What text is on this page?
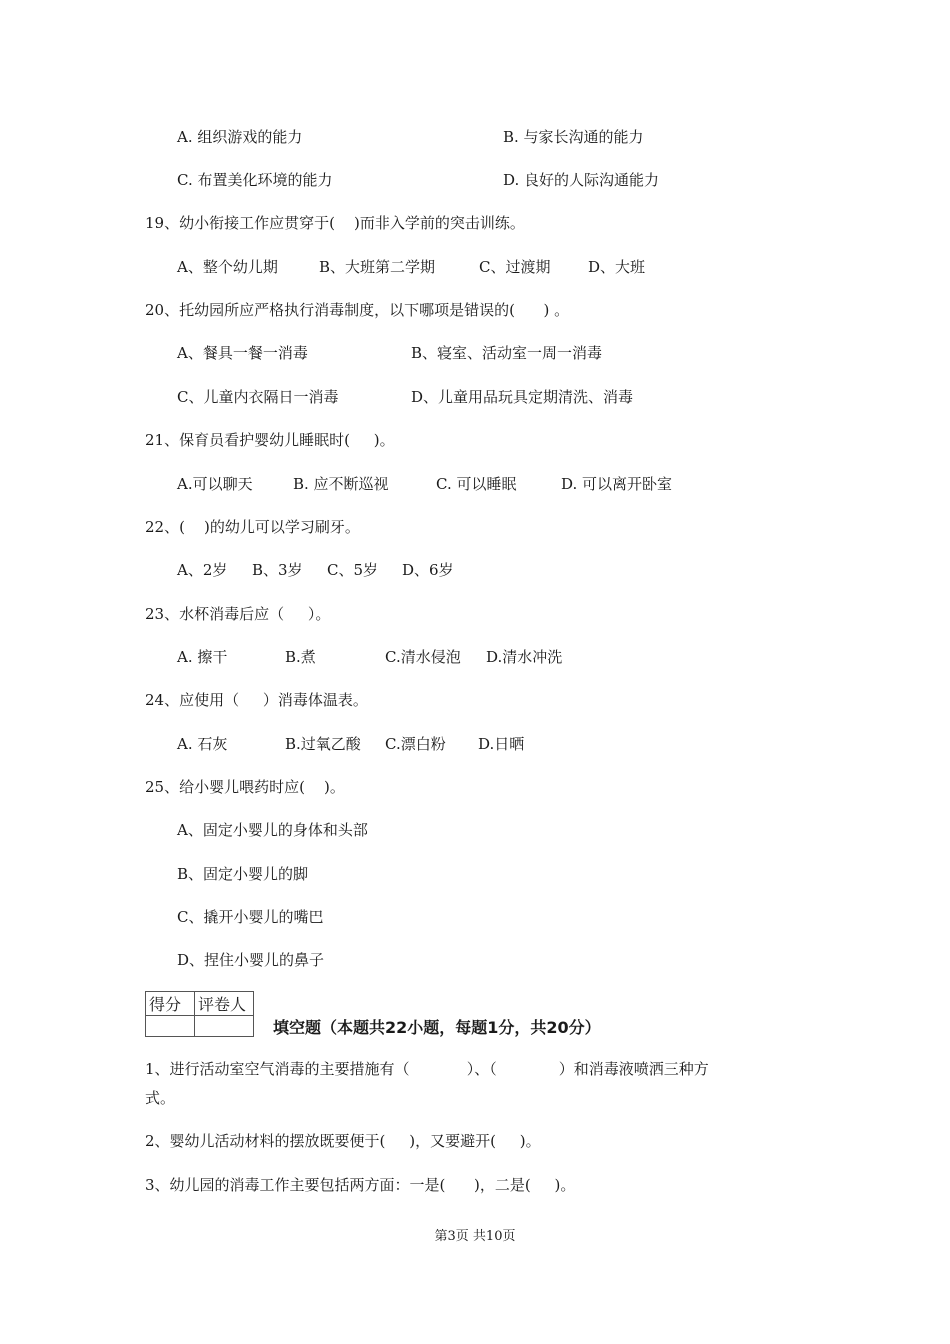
A. 组织游戏的能力	B. 与家长沟通的能力
C. 布置美化环境的能力	D. 良好的人际沟通能力
19、幼小衔接工作应贯穿于(    )而非入学前的突击训练。

A、整个幼儿期

	B、大班第二学期

	C、过渡期

	D、大班

20、托幼园所应严格执行消毒制度，以下哪项是错误的(      ) 。

A、餐具一餐一消毒

	B、寝室、活动室一周一消毒

C、儿童内衣隔日一消毒

	D、儿童用品玩具定期清洗、消毒

21、保育员看护婴幼儿睡眠时(     )。

A.可以聊天

	B. 应不断巡视

	C. 可以睡眠

	D. 可以离开卧室

22、(    )的幼儿可以学习刷牙。

A、2岁

B、3岁

C、5岁

D、6岁

23、水杯消毒后应（     ）。

A. 擦干

	B.煮

	C.清水侵泡

D.清水冲洗

24、应使用（     ）消毒体温表。

A. 石灰

	B.过氧乙酸

C.漂白粉

D.日晒

25、给小婴儿喂药时应(    )。
A、固定小婴儿的身体和头部
B、固定小婴儿的脚
C、撬开小婴儿的嘴巴
D、捏住小婴儿的鼻子
得分	评卷人

填空题（本题共22小题，每题1分，共20分）
1、进行活动室空气消毒的主要措施有（            ）、（             ）和消毒液喷洒三种方
式。
2、婴幼儿活动材料的摆放既要便于(     )，又要避开(     )。
3、幼儿园的消毒工作主要包括两方面：一是(      )，二是(     )。
第3页 共10页
